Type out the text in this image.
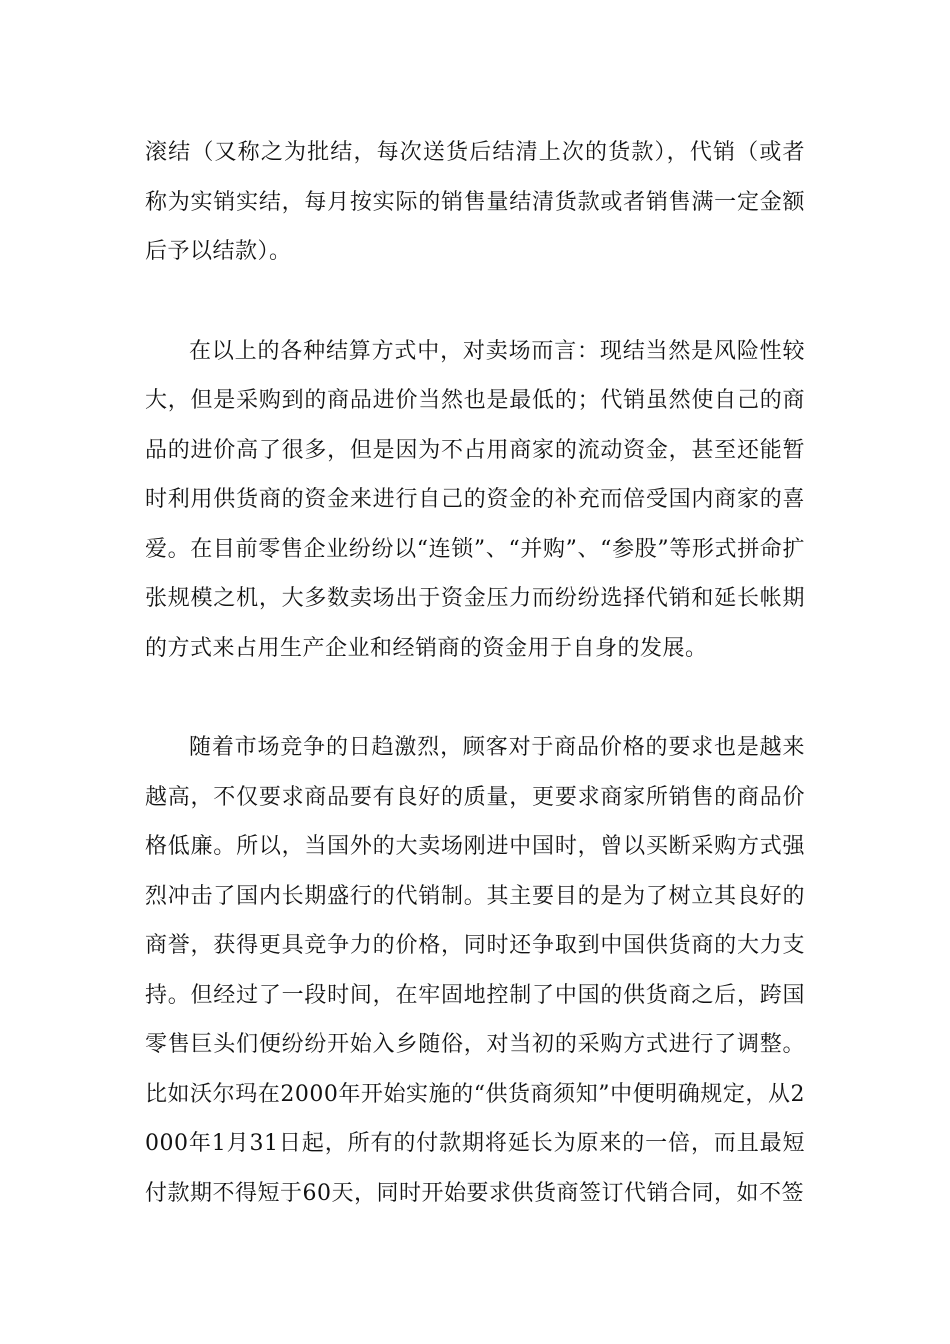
滚结（又称之为批结，每次送货后结清上次的货款），代销（或者称为实销实结，每月按实际的销售量结清货款或者销售满一定金额后予以结款）。

在以上的各种结算方式中，对卖场而言：现结当然是风险性较大，但是采购到的商品进价当然也是最低的；代销虽然使自己的商品的进价高了很多，但是因为不占用商家的流动资金，甚至还能暂时利用供货商的资金来进行自己的资金的补充而倍受国内商家的喜爱。在目前零售企业纷纷以“连锁”、“并购”、“参股”等形式拼命扩张规模之机，大多数卖场出于资金压力而纷纷选择代销和延长帐期的方式来占用生产企业和经销商的资金用于自身的发展。

随着市场竞争的日趋激烈，顾客对于商品价格的要求也是越来越高，不仅要求商品要有良好的质量，更要求商家所销售的商品价格低廉。所以，当国外的大卖场刚进中国时，曾以买断采购方式强烈冲击了国内长期盛行的代销制。其主要目的是为了树立其良好的商誉，获得更具竞争力的价格，同时还争取到中国供货商的大力支持。但经过了一段时间，在牢固地控制了中国的供货商之后，跨国零售巨头们便纷纷开始入乡随俗，对当初的采购方式进行了调整。比如沃尔玛在2000年开始实施的“供货商须知”中便明确规定，从2000年1月31日起，所有的付款期将延长为原来的一倍，而且最短付款期不得短于60天，同时开始要求供货商签订代销合同，如不签
